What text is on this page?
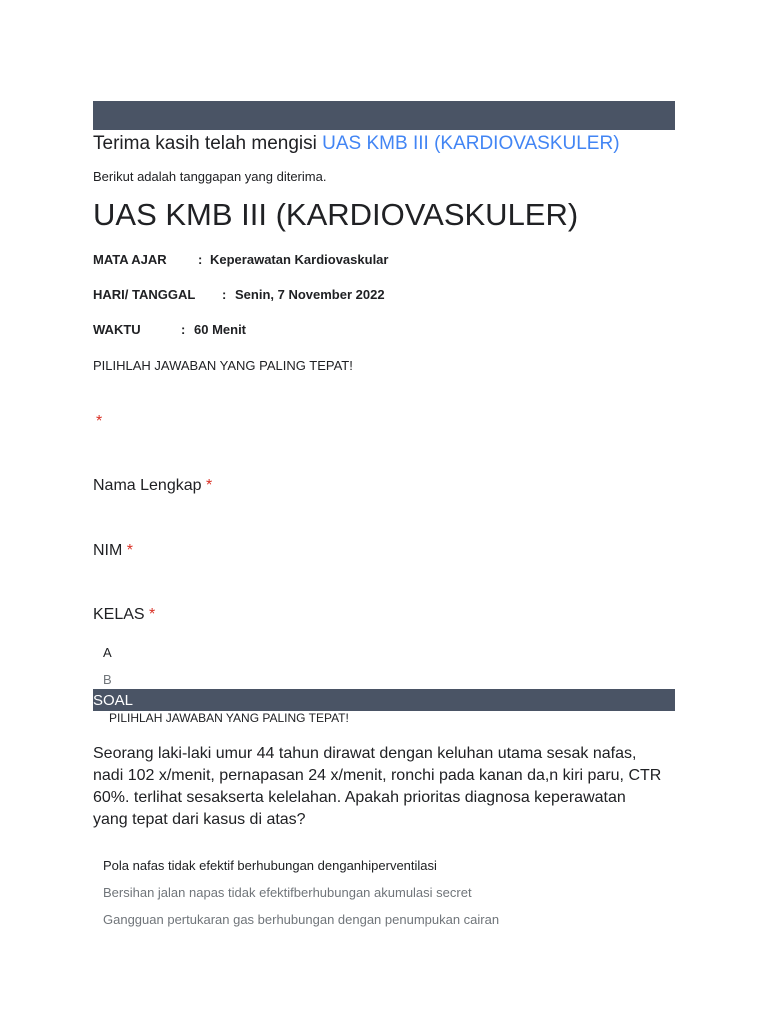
Terima kasih telah mengisi UAS KMB III (KARDIOVASKULER)
Berikut adalah tanggapan yang diterima.
UAS KMB III (KARDIOVASKULER)
MATA AJAR : Keperawatan Kardiovaskular
HARI/ TANGGAL : Senin, 7 November 2022
WAKTU	: 60 Menit
PILIHLAH JAWABAN YANG PALING TEPAT!
*
Nama Lengkap *
NIM *
KELAS *
A
B
SOAL
PILIHLAH JAWABAN YANG PALING TEPAT!
Seorang laki-laki umur 44 tahun dirawat dengan keluhan utama sesak nafas, nadi 102 x/menit, pernapasan 24 x/menit, ronchi pada kanan da,n kiri paru, CTR 60%. terlihat sesakserta kelelahan. Apakah prioritas diagnosa keperawatan yang tepat dari kasus di atas?
Pola nafas tidak efektif berhubungan denganhiperventilasi
Bersihan jalan napas tidak efektifberhubungan akumulasi secret
Gangguan pertukaran gas berhubungan dengan penumpukan cairan
